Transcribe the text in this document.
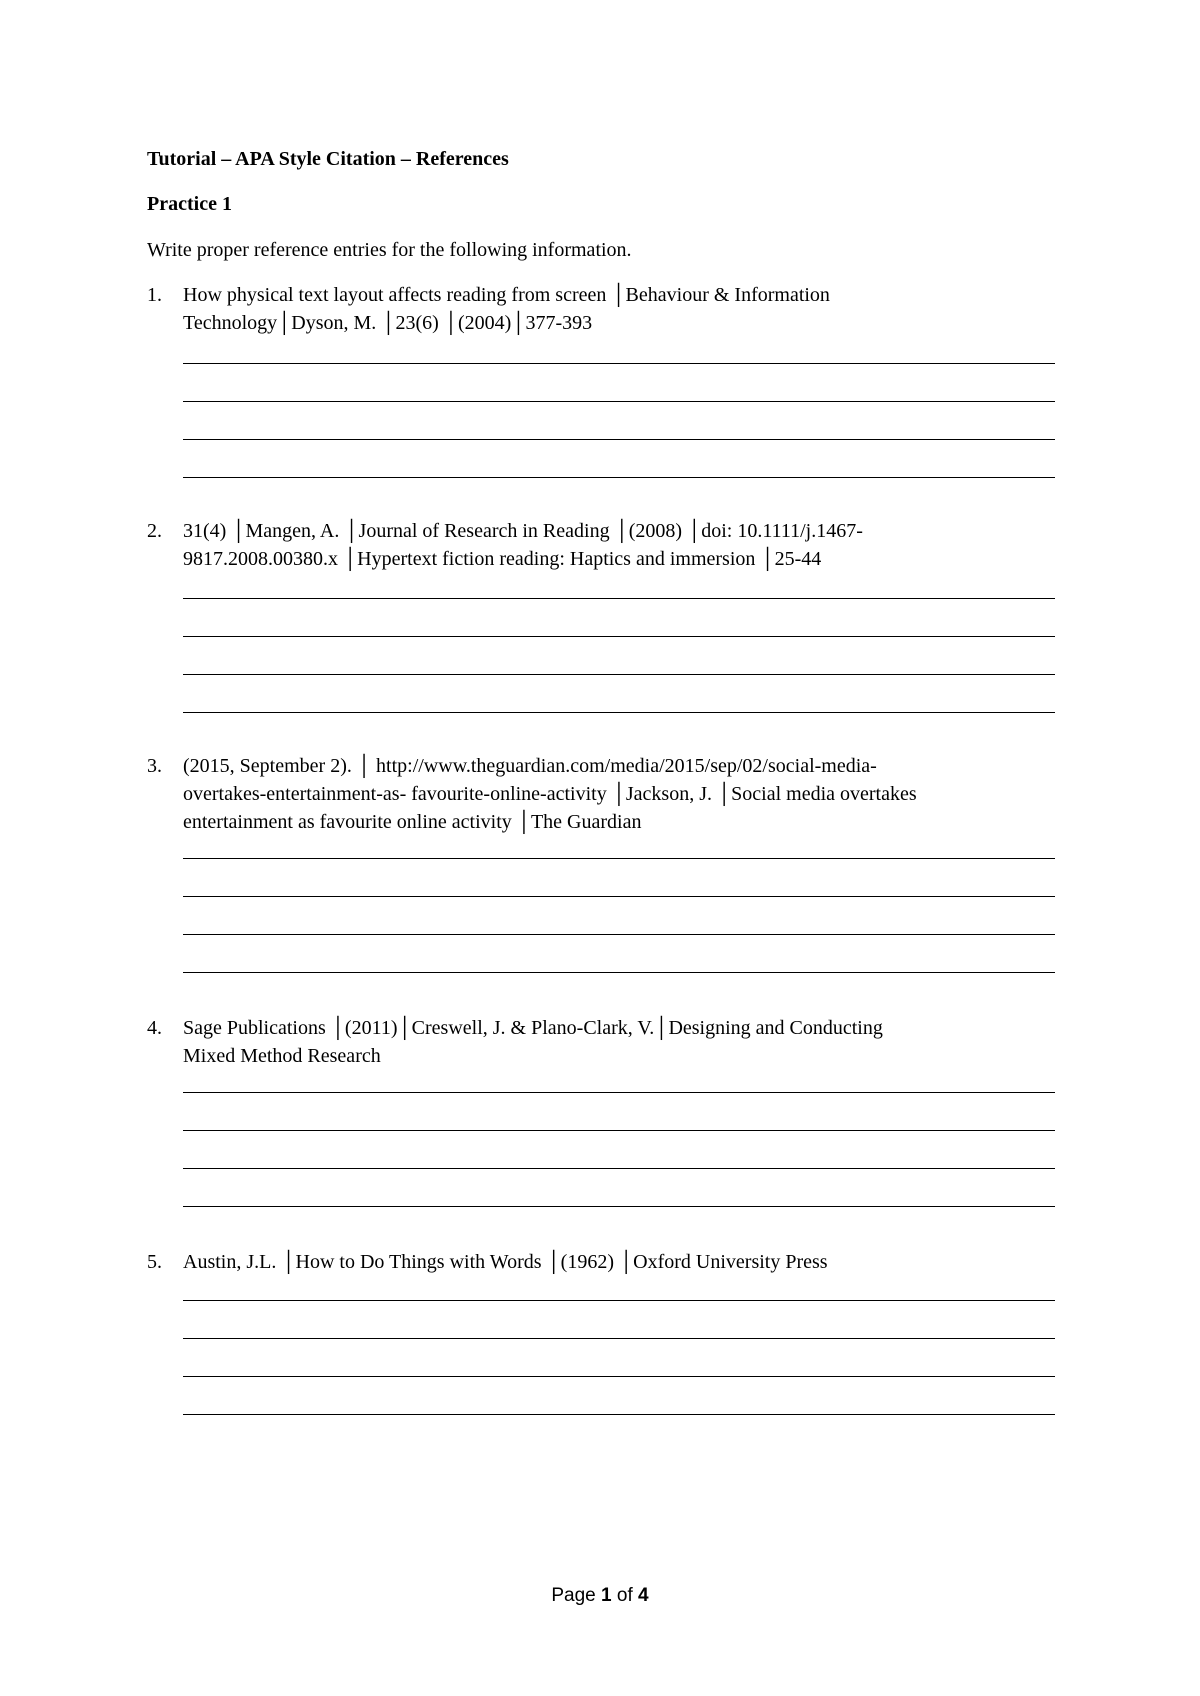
Tutorial – APA Style Citation – References
Practice 1
Write proper reference entries for the following information.
1. How physical text layout affects reading from screen │Behaviour & Information
Technology│Dyson, M. │23(6) │(2004)│377-393
2. 31(4) │Mangen, A. │Journal of Research in Reading │(2008) │doi: 10.1111/j.1467-
9817.2008.00380.x │Hypertext fiction reading: Haptics and immersion │25-44
3. (2015, September 2). │ http://www.theguardian.com/media/2015/sep/02/social-media-
overtakes-entertainment-as- favourite-online-activity │Jackson, J. │Social media overtakes
entertainment as favourite online activity │The Guardian
4. Sage Publications │(2011)│Creswell, J. & Plano-Clark, V.│Designing and Conducting
Mixed Method Research
5. Austin, J.L. │How to Do Things with Words │(1962) │Oxford University Press
Page 1 of 4
